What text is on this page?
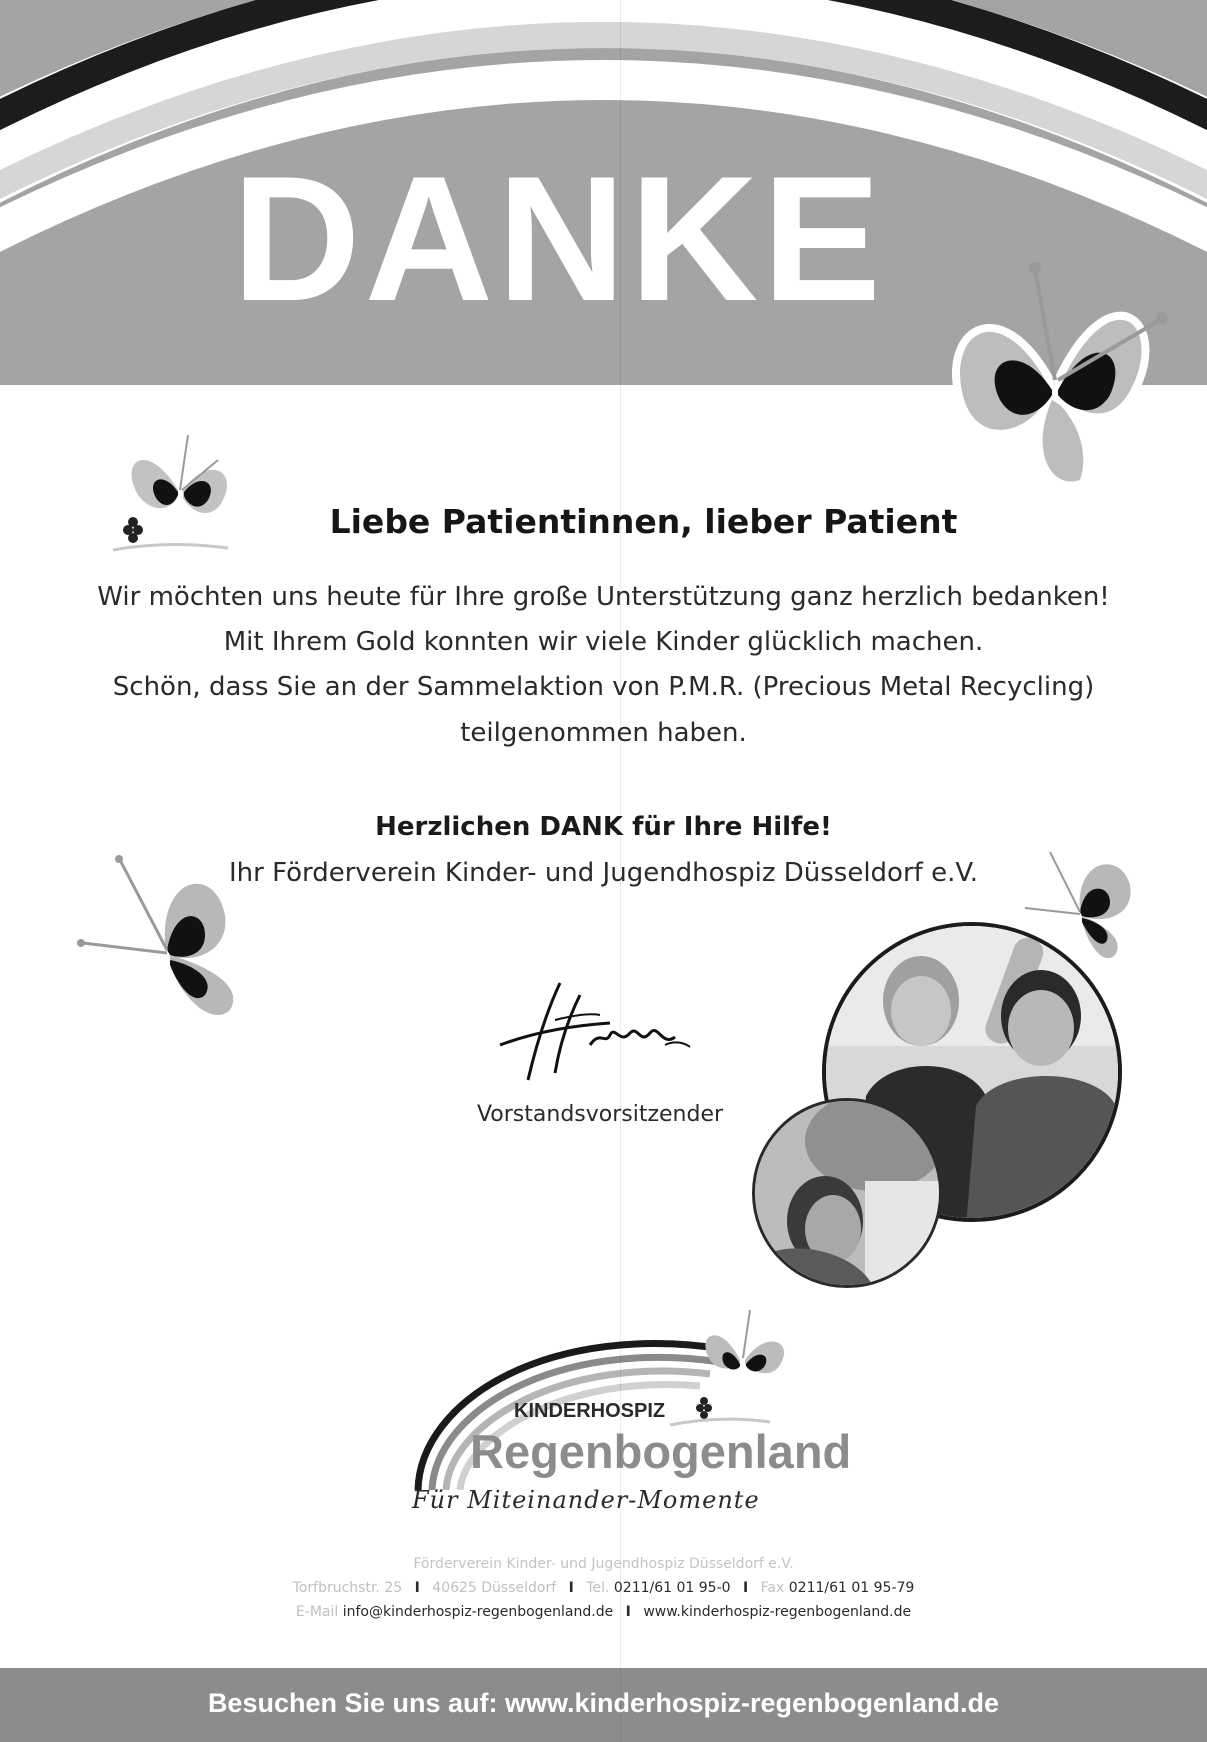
DANKE
Liebe Patientinnen, lieber Patient
Wir möchten uns heute für Ihre große Unterstützung ganz herzlich bedanken!
Mit Ihrem Gold konnten wir viele Kinder glücklich machen.
Schön, dass Sie an der Sammelaktion von P.M.R. (Precious Metal Recycling)
teilgenommen haben.
Herzlichen DANK für Ihre Hilfe!
Ihr Förderverein Kinder- und Jugendhospiz Düsseldorf e.V.
Vorstandsvorsitzender
KINDERHOSPIZ
Regenbogenland
Für Miteinander-Momente
Förderverein Kinder- und Jugendhospiz Düsseldorf e.V.
Torfbruchstr. 25 I 40625 Düsseldorf I Tel. 0211/61 01 95-0 I Fax 0211/61 01 95-79
E-Mail info@kinderhospiz-regenbogenland.de I www.kinderhospiz-regenbogenland.de
Besuchen Sie uns auf: www.kinderhospiz-regenbogenland.de
